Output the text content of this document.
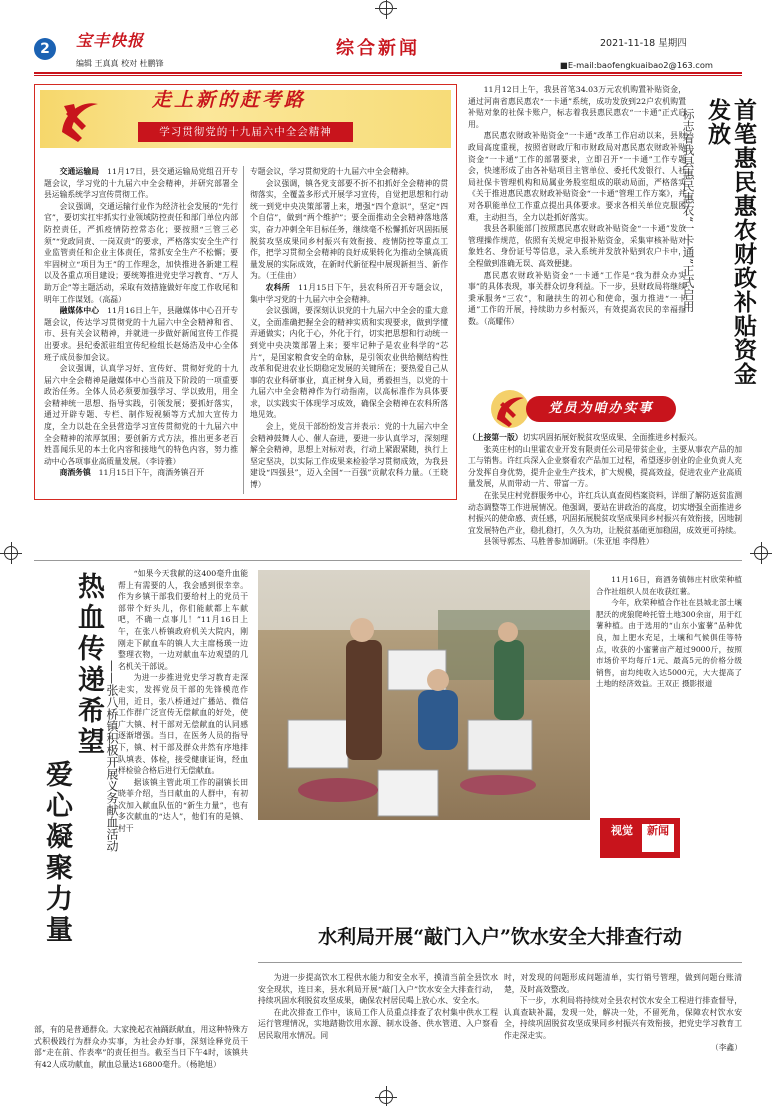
2	宝丰快报
编辑 王真真 校对 杜鹏锋
综合新闻	2021-11-18 星期四
■E-mail:baofengkuaibao2@163.com
走上新的赶考路
学习贯彻党的十九届六中全会精神

交通运输局　 11月17日，县交通运输局党组召开专题会议，学习党的十九届六中全会精神，并研究部署全县运输系统学习宣传贯彻工作。

会议强调，交通运输行业作为经济社会发展的“先行官”，要切实扛牢抓实行业领域防控责任和部门单位内部防控责任，严抓疫情防控常态化；要按照“三管三必须”“党政同责、一岗双责”的要求，严格落实安全生产行业监管责任和企业主体责任，常抓安全生产不松懈；要牢固树立“项目为王”的工作理念，加快推进各新建工程以及各重点项目建设；要统筹推进党史学习教育、“万人助万企”等主题活动，采取有效措施做好年度工作收尾和明年工作谋划。（高磊）

融媒体中心　 11月16日上午，县融媒体中心召开专题会议，传达学习贯彻党的十九届六中全会精神和省、市、县有关会议精神，并就进一步做好新闻宣传工作提出要求。县纪委派驻组宣传纪检组长赵炀浩及中心全体班子成员参加会议。

会议强调，认真学习好、宣传好、贯彻好党的十九届六中全会精神是融媒体中心当前及下阶段的一项重要政治任务。全体人员必须要加强学习、学以致用，用全会精神统一思想、指导实践，引领发展；要抓好落实，通过开辟专题、专栏、制作短视频等方式加大宣传力度，全力以赴在全县营造学习宣传贯彻党的十九届六中全会精神的浓厚氛围；要创新方式方法，推出更多老百姓喜闻乐见的本土化内容和接地气的特色内容，努力推动中心各项事业高质量发展。（李诗雅）

商酒务镇　 11月15日下午，商酒务镇召开

专题会议，学习贯彻党的十九届六中全会精神。

会议强调，镇各党支部要不折不扣抓好全会精神的贯彻落实，全覆盖多形式开展学习宣传，自觉把思想和行动统一到党中央决策部署上来，增强“四个意识”，坚定“四个自信”，做到“两个维护”；要全面推动全会精神落地落实，奋力冲刺全年目标任务，继续毫不松懈抓好巩固拓展脱贫攻坚成果同乡村振兴有效衔接、疫情防控等重点工作，把学习贯彻全会精神的良好成果转化为推动全镇高质量发展的实际成效，在新时代新征程中展现新担当、新作为。（王佳由）

农科所　 11月15日下午，县农科所召开专题会议，集中学习党的十九届六中全会精神。

会议强调，要深刻认识党的十九届六中全会的重大意义，全面准确把握全会的精神实质和实现要求，做到学懂弄通做实；内化于心，外化于行，切实把思想和行动统一到党中央决策部署上来；要牢记种子是农业科学的“芯片”，是国家粮食安全的命脉，是引领农业供给侧结构性改革和促进农业长期稳定发展的关键所在；要热爱自己从事的农业科研事业，真正树身入局，勇毅担当，以党的十九届六中全会精神作为行动指南，以高标准作为具体要求，以实践实干体现学习成效，确保全会精神在农科所落地见效。

会上，党员干部纷纷发言并表示：党的十九届六中全会精神鼓舞人心、催人奋进，要进一步认真学习，深刻理解全会精神，思想上对标对表，行动上紧跟紧随，执行上坚定坚决，以实际工作成果来检验学习贯彻成效，为我县建设“四强县”，迈入全国“一百强”贡献农科力量。（王晓博）

11月12日上午，我县首笔34.03万元农机购置补贴资金，通过河南省惠民惠农“一卡通”系统，成功发放到22户农机购置补贴对象的社保卡账户，标志着我县惠民惠农“一卡通”正式启用。

惠民惠农财政补贴资金“一卡通”改革工作启动以来，县财政局高度重视，按照省财政厅和市财政局对惠民惠农财政补贴资金“一卡通”工作的部署要求，立即召开“一卡通”工作专题会，快速形成了由各补贴项目主管单位、委托代发银行、人社局社保卡管理机构和局属业务股室组成的联动局面，严格落实《关于推进惠民惠农财政补贴资金“一卡通”管理工作方案》，并对各职能单位工作重点提出具体要求。要求各相关单位克服困难，主动担当，全力以赴抓好落实。

我县各职能部门按照惠民惠农财政补贴资金“一卡通”发放管理操作规范，依照有关规定申报补贴资金，采集审核补贴对象姓名、身份证号等信息，录入系统并发放补贴到农户卡中，全程做到准确无误、高效便捷。

惠民惠农财政补贴资金“一卡通”工作是“我为群众办实事”的具体表现，事关群众切身利益。下一步，县财政局将继续秉承服务“三农”，和融扶生的初心和使命，强力推进“一卡通”工作的开展，持续助力乡村振兴，有效提高农民的幸福指数。（高耀伟）	首笔惠民惠农财政补贴资金发放
标志着我县惠民惠农“一卡通”正式启用
党员为咱办实事

（上接第一版）切实巩固拓展好脱贫攻坚成果、全面推进乡村振兴。

张英庄村的山里霍农业开发有限责任公司是带贫企业，主要从事农产品的加工与销售。许红兵深入企业察看农产品加工过程，希望逐步创业的企业负责人充分发挥自身优势，提升企业生产技术，扩大规模，提高效益，促进农业产业高质量发展，从而带动一片、带富一方。

在张吴庄村党群服务中心，许红兵认真查阅档案资料，详细了解防返贫监测动态调整等工作进展情况。他强调，要站在讲政治的高度，切实增强全面推进乡村振兴的使命感、责任感，巩固拓展脱贫攻坚成果同乡村振兴有效衔接，因地制宜发展特色产业，稳扎稳打，久久为功，让脱贫基础更加稳固，成效更可持续。

县领导郭杰、马胜普参加调研。（朱亚旭 李得胜）

热血传递希望
爱心凝聚力量
——张八桥镇积极开展义务献血活动

“如果今天我献的这400毫升血能帮上有需要的人，我会感到很幸幸。作为乡镇干部我们要给村上的党员干部带个好头儿，你们能献都上车献吧，不确一点事儿！”11月16日上午，在张八桥镇政府机关大院内，刚刚走下献血车的镇人大主席杨瑛一边整理衣物，一边对献血车边观望的几名机关干部说。

为进一步推进党史学习教育走深走实，发挥党员干部的先锋模范作用，近日，张八桥通过广播站、微信工作群广泛宣传无偿献血的好处，使广大镇、村干部对无偿献血的认同感逐渐增强。当日，在医务人员的指导下，镇、村干部及群众井然有序地排队填表、体检，接受健康证询，经血样检验合格后进行无偿献血。

据该镇主管此项工作的副镇长田晓菲介绍，当日献血的人群中，有初次加入献血队伍的“新生力量”，也有多次献血的“达人”，他们有的是镇、村干

部，有的是普通群众。大家挽起衣袖踊跃献血，用这种特殊方式积极践行为群众办实事，为社会办好事，深刻诠释党员干部“走在前、作表率”的责任担当。截至当日下午4时，该镇共有42人成功献血，献血总量达16800毫升。（杨艳旭）

11月16日，商酒务镇韩庄村欣荣种植合作社组织人员在收获红薯。

今年，欣荣种植合作社在县城北部土壤肥沃的虎狼爬岭托管土地300余亩，用于红薯种植。由于选用的“山东小蜜薯”品种优良，加上肥水充足，土壤和气候俱佳等特点，收获的小蜜薯亩产超过9000斤，按照市场价平均每斤1元、最高5元的价格分级销售，亩均纯收入达5000元，大大提高了土地的经济效益。王双正 摄影报道

视觉	新闻
水利局开展“敲门入户”饮水安全大排查行动

为进一步提高饮水工程供水能力和安全水平，摸清当前全县饮水安全现状，连日来，县水利局开展“敲门入户”饮水安全大排查行动，持续巩固水利脱贫攻坚成果，确保农村居民喝上放心水、安全水。

在此次排查工作中，该局工作人员重点排查了农村集中供水工程运行管理情况，实地踏勘饮用水源、制水设备、供水管道、入户察看居民取用水情况。同

时，对发现的问题形成问题清单，实行销号管理，做到问题台账清楚，及时高效整改。

下一步，水利局将持续对全县农村饮水安全工程进行排查督导，认真查缺补漏，发现一处，解决一处，不留死角，保障农村饮水安全，持续巩固脱贫攻坚成果同乡村振兴有效衔接，把党史学习教育工作走深走实。

（李鑫）
